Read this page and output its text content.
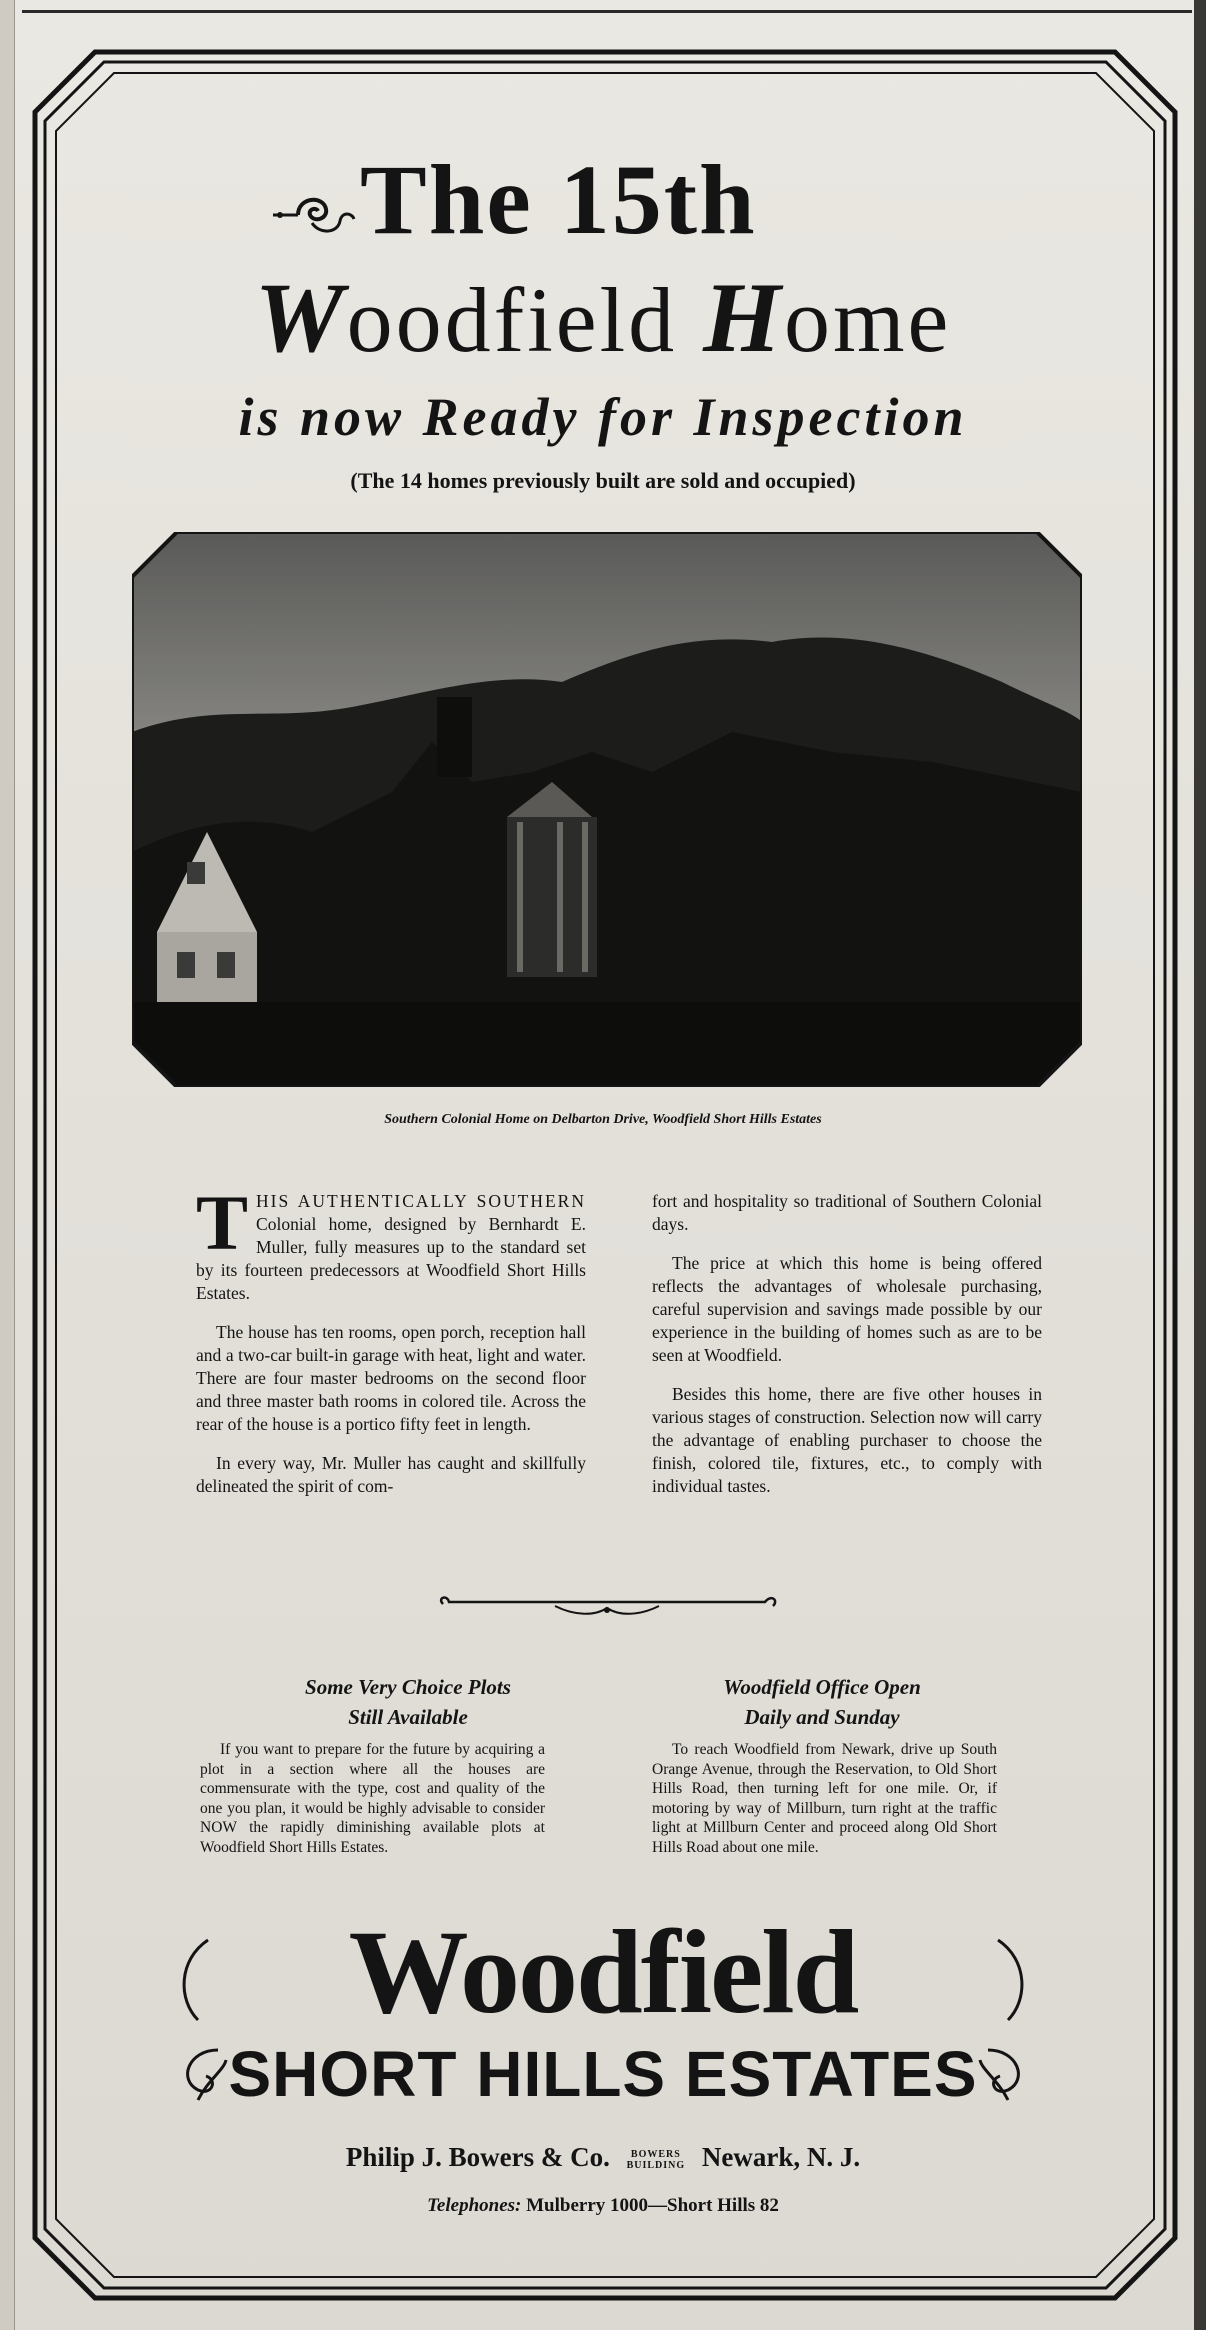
The 15th
Woodfield Home
is now Ready for Inspection
(The 14 homes previously built are sold and occupied)
Southern Colonial Home on Delbarton Drive, Woodfield Short Hills Estates

THIS AUTHENTICALLY SOUTHERN Colonial home, designed by Bernhardt E. Muller, fully measures up to the standard set by its fourteen predecessors at Woodfield Short Hills Estates.

The house has ten rooms, open porch, reception hall and a two-car built-in garage with heat, light and water. There are four master bedrooms on the second floor and three master bath rooms in colored tile. Across the rear of the house is a portico fifty feet in length.

In every way, Mr. Muller has caught and skillfully delineated the spirit of com-

fort and hospitality so traditional of Southern Colonial days.

The price at which this home is being offered reflects the advantages of wholesale purchasing, careful supervision and savings made possible by our experience in the building of homes such as are to be seen at Woodfield.

Besides this home, there are five other houses in various stages of construction. Selection now will carry the advantage of enabling purchaser to choose the finish, colored tile, fixtures, etc., to comply with individual tastes.

Some Very Choice Plots
Still Available

If you want to prepare for the future by acquiring a plot in a section where all the houses are commensurate with the type, cost and quality of the one you plan, it would be highly advisable to consider NOW the rapidly diminishing available plots at Woodfield Short Hills Estates.

Woodfield Office Open
Daily and Sunday

To reach Woodfield from Newark, drive up South Orange Avenue, through the Reservation, to Old Short Hills Road, then turning left for one mile. Or, if motoring by way of Millburn, turn right at the traffic light at Millburn Center and proceed along Old Short Hills Road about one mile.

Woodfield
SHORT HILLS ESTATES
Philip J. Bowers & Co.	BOWERS
BUILDING Newark, N. J.
Telephones: Mulberry 1000—Short Hills 82
